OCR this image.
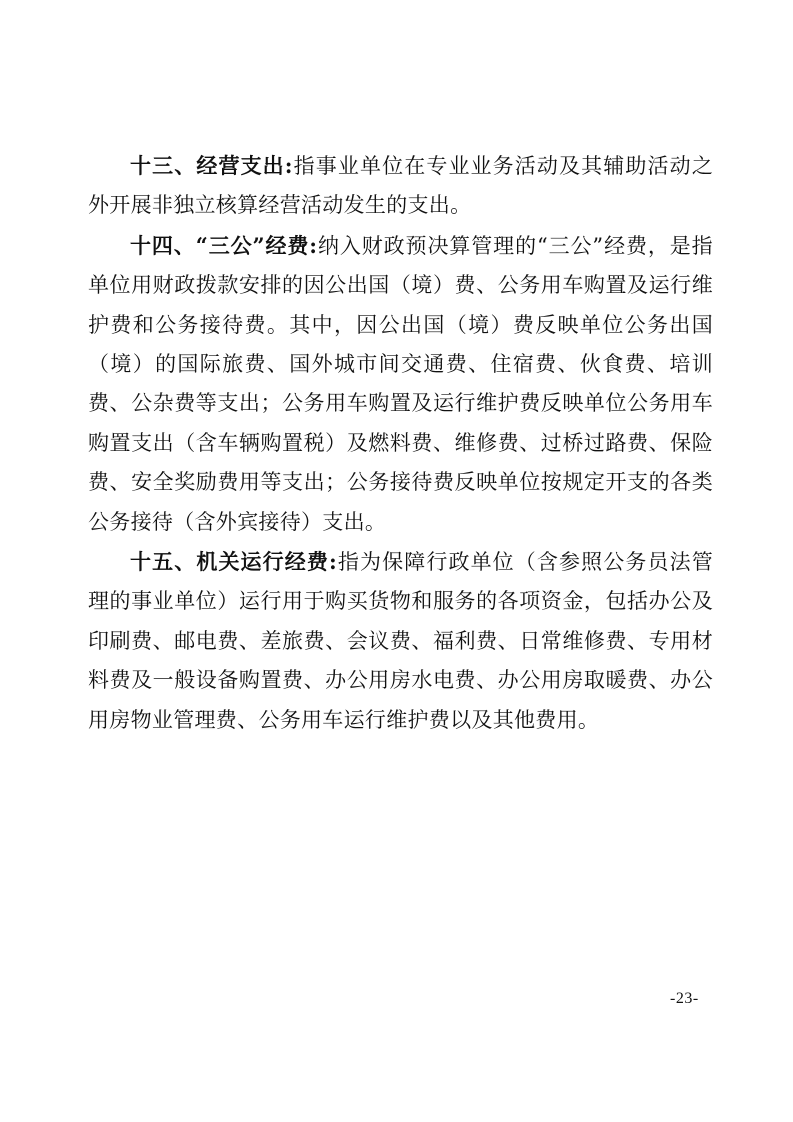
十三、经营支出:指事业单位在专业业务活动及其辅助活动之外开展非独立核算经营活动发生的支出。

十四、“三公”经费:纳入财政预决算管理的“三公”经费，是指单位用财政拨款安排的因公出国（境）费、公务用车购置及运行维护费和公务接待费。其中，因公出国（境）费反映单位公务出国（境）的国际旅费、国外城市间交通费、住宿费、伙食费、培训费、公杂费等支出；公务用车购置及运行维护费反映单位公务用车购置支出（含车辆购置税）及燃料费、维修费、过桥过路费、保险费、安全奖励费用等支出；公务接待费反映单位按规定开支的各类公务接待（含外宾接待）支出。

十五、机关运行经费:指为保障行政单位（含参照公务员法管理的事业单位）运行用于购买货物和服务的各项资金，包括办公及印刷费、邮电费、差旅费、会议费、福利费、日常维修费、专用材料费及一般设备购置费、办公用房水电费、办公用房取暖费、办公用房物业管理费、公务用车运行维护费以及其他费用。

-23-
